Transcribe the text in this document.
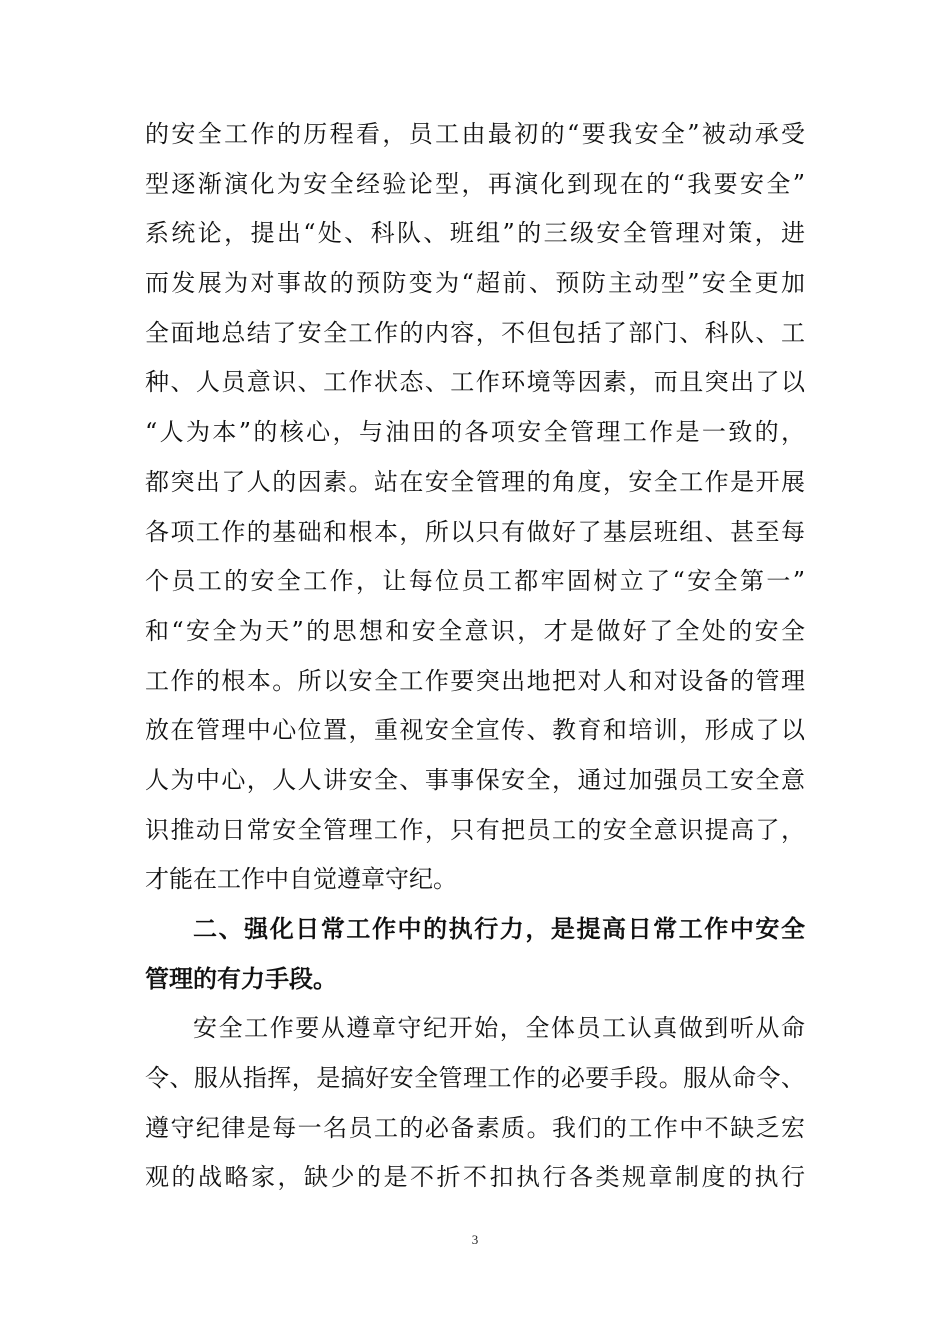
的安全工作的历程看，员工由最初的“要我安全”被动承受
型逐渐演化为安全经验论型，再演化到现在的“我要安全”
系统论，提出“处、科队、班组”的三级安全管理对策，进
而发展为对事故的预防变为“超前、预防主动型”安全更加
全面地总结了安全工作的内容，不但包括了部门、科队、工
种、人员意识、工作状态、工作环境等因素，而且突出了以
“人为本”的核心，与油田的各项安全管理工作是一致的，
都突出了人的因素。站在安全管理的角度，安全工作是开展
各项工作的基础和根本，所以只有做好了基层班组、甚至每
个员工的安全工作，让每位员工都牢固树立了“安全第一”
和“安全为天”的思想和安全意识，才是做好了全处的安全
工作的根本。所以安全工作要突出地把对人和对设备的管理
放在管理中心位置，重视安全宣传、教育和培训，形成了以
人为中心，人人讲安全、事事保安全，通过加强员工安全意
识推动日常安全管理工作，只有把员工的安全意识提高了，
才能在工作中自觉遵章守纪。
二、强化日常工作中的执行力，是提高日常工作中安全
管理的有力手段。
安全工作要从遵章守纪开始，全体员工认真做到听从命
令、服从指挥，是搞好安全管理工作的必要手段。服从命令、
遵守纪律是每一名员工的必备素质。我们的工作中不缺乏宏
观的战略家，缺少的是不折不扣执行各类规章制度的执行
3
